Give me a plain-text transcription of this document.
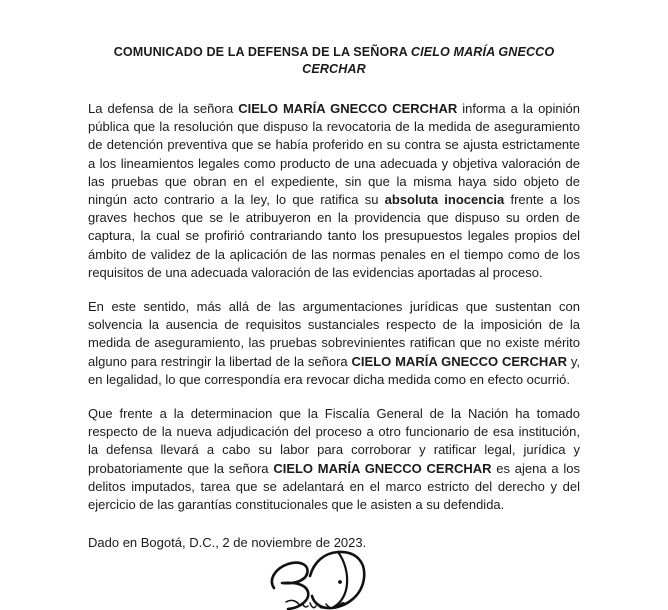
COMUNICADO DE LA DEFENSA DE LA SEÑORA CIELO MARÍA GNECCO CERCHAR

La defensa de la señora CIELO MARÍA GNECCO CERCHAR informa a la opinión pública que la resolución que dispuso la revocatoria de la medida de aseguramiento de detención preventiva que se había proferido en su contra se ajusta estrictamente a los lineamientos legales como producto de una adecuada y objetiva valoración de las pruebas que obran en el expediente, sin que la misma haya sido objeto de ningún acto contrario a la ley, lo que ratifica su absoluta inocencia frente a los graves hechos que se le atribuyeron en la providencia que dispuso su orden de captura, la cual se profirió contrariando tanto los presupuestos legales propios del ámbito de validez de la aplicación de las normas penales en el tiempo como de los requisitos de una adecuada valoración de las evidencias aportadas al proceso.

En este sentido, más allá de las argumentaciones jurídicas que sustentan con solvencia la ausencia de requisitos sustanciales respecto de la imposición de la medida de aseguramiento, las pruebas sobrevinientes ratifican que no existe mérito alguno para restringir la libertad de la señora CIELO MARÍA GNECCO CERCHAR y, en legalidad, lo que correspondía era revocar dicha medida como en efecto ocurrió.

Que frente a la determinacion que la Fiscalía General de la Nación ha tomado respecto de la nueva adjudicación del proceso a otro funcionario de esa institución, la defensa llevará a cabo su labor para corroborar y ratificar legal, jurídica y probatoriamente que la señora CIELO MARÍA GNECCO CERCHAR es ajena a los delitos imputados, tarea que se adelantará en el marco estricto del derecho y del ejercicio de las garantías constitucionales que le asisten a su defendida.

Dado en Bogotá, D.C., 2 de noviembre de 2023.
